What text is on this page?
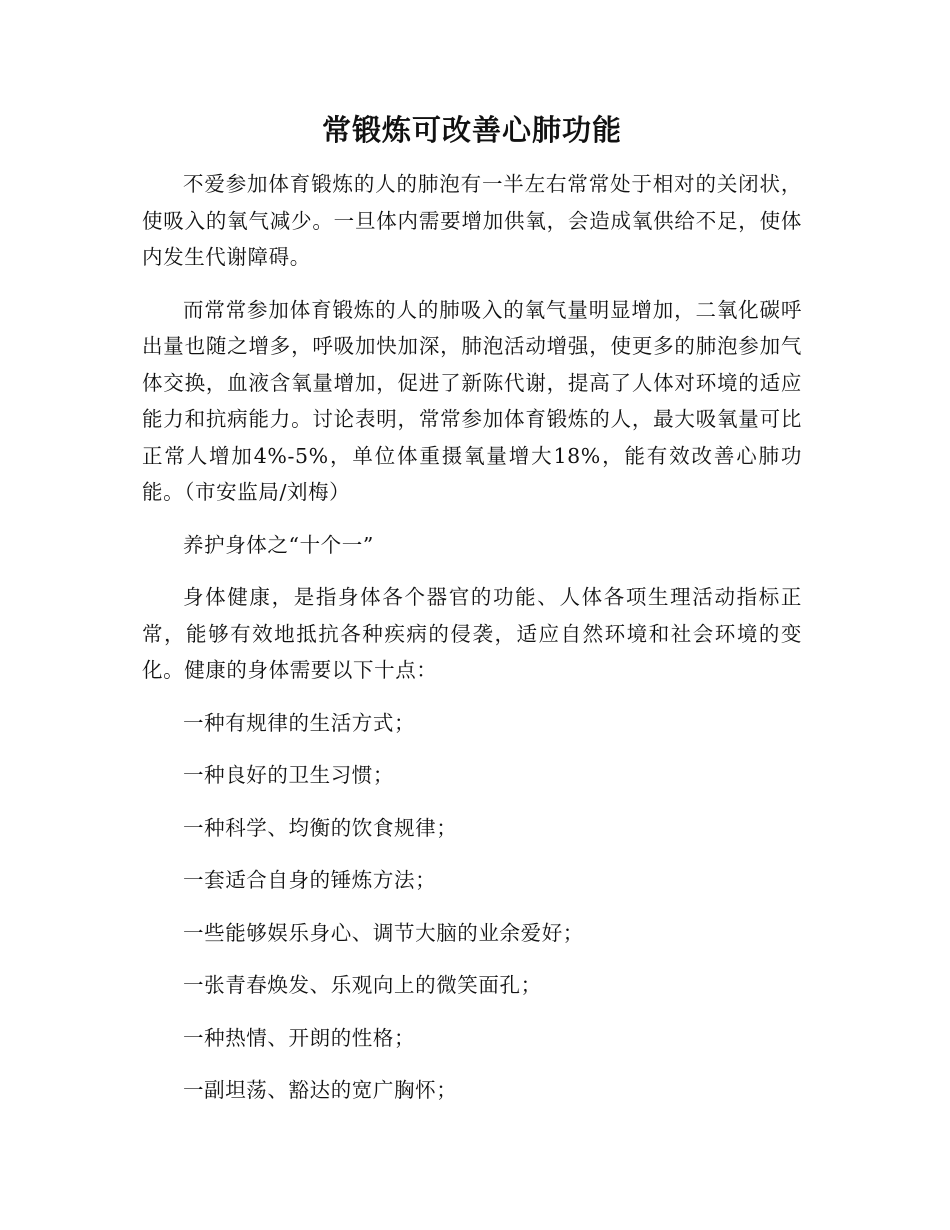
常锻炼可改善心肺功能

不爱参加体育锻炼的人的肺泡有一半左右常常处于相对的关闭状，使吸入的氧气减少。一旦体内需要增加供氧，会造成氧供给不足，使体内发生代谢障碍。

而常常参加体育锻炼的人的肺吸入的氧气量明显增加，二氧化碳呼出量也随之增多，呼吸加快加深，肺泡活动增强，使更多的肺泡参加气体交换，血液含氧量增加，促进了新陈代谢，提高了人体对环境的适应能力和抗病能力。讨论表明，常常参加体育锻炼的人，最大吸氧量可比正常人增加4%-5%，单位体重摄氧量增大18%，能有效改善心肺功能。（市安监局/刘梅）

养护身体之“十个一”

身体健康，是指身体各个器官的功能、人体各项生理活动指标正常，能够有效地抵抗各种疾病的侵袭，适应自然环境和社会环境的变化。健康的身体需要以下十点：

一种有规律的生活方式；

一种良好的卫生习惯；

一种科学、均衡的饮食规律；

一套适合自身的锤炼方法；

一些能够娱乐身心、调节大脑的业余爱好；

一张青春焕发、乐观向上的微笑面孔；

一种热情、开朗的性格；

一副坦荡、豁达的宽广胸怀；
